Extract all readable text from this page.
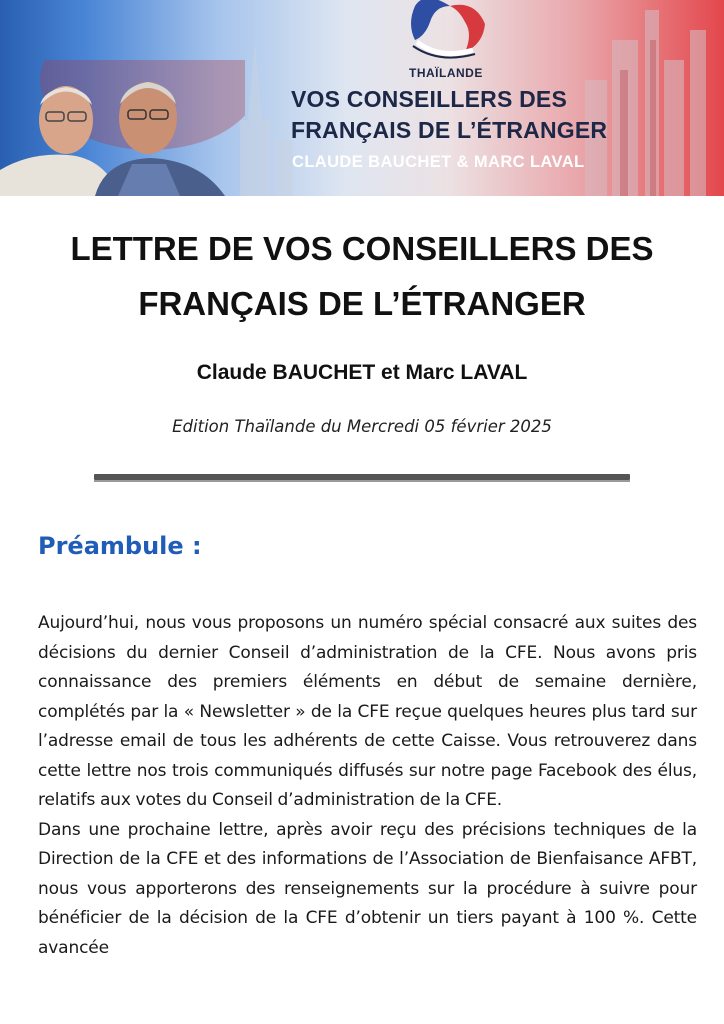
THAÏLANDE
VOS CONSEILLERS DES
FRANÇAIS DE L’ÉTRANGER
CLAUDE BAUCHET & MARC LAVAL
LETTRE DE VOS CONSEILLERS DES
FRANÇAIS DE L’ÉTRANGER
Claude BAUCHET et Marc LAVAL
Edition Thaïlande du Mercredi 05 février 2025
Préambule :

Aujourd’hui, nous vous proposons un numéro spécial consacré aux suites des décisions du dernier Conseil d’administration de la CFE. Nous avons pris connaissance des premiers éléments en début de semaine dernière, complétés par la « Newsletter » de la CFE reçue quelques heures plus tard sur l’adresse email de tous les adhérents de cette Caisse. Vous retrouverez dans cette lettre nos trois communiqués diffusés sur notre page Facebook des élus, relatifs aux votes du Conseil d’administration de la CFE.

Dans une prochaine lettre, après avoir reçu des précisions techniques de la Direction de la CFE et des informations de l’Association de Bienfaisance AFBT, nous vous apporterons des renseignements sur la procédure à suivre pour bénéficier de la décision de la CFE d’obtenir un tiers payant à 100 %. Cette avancée
